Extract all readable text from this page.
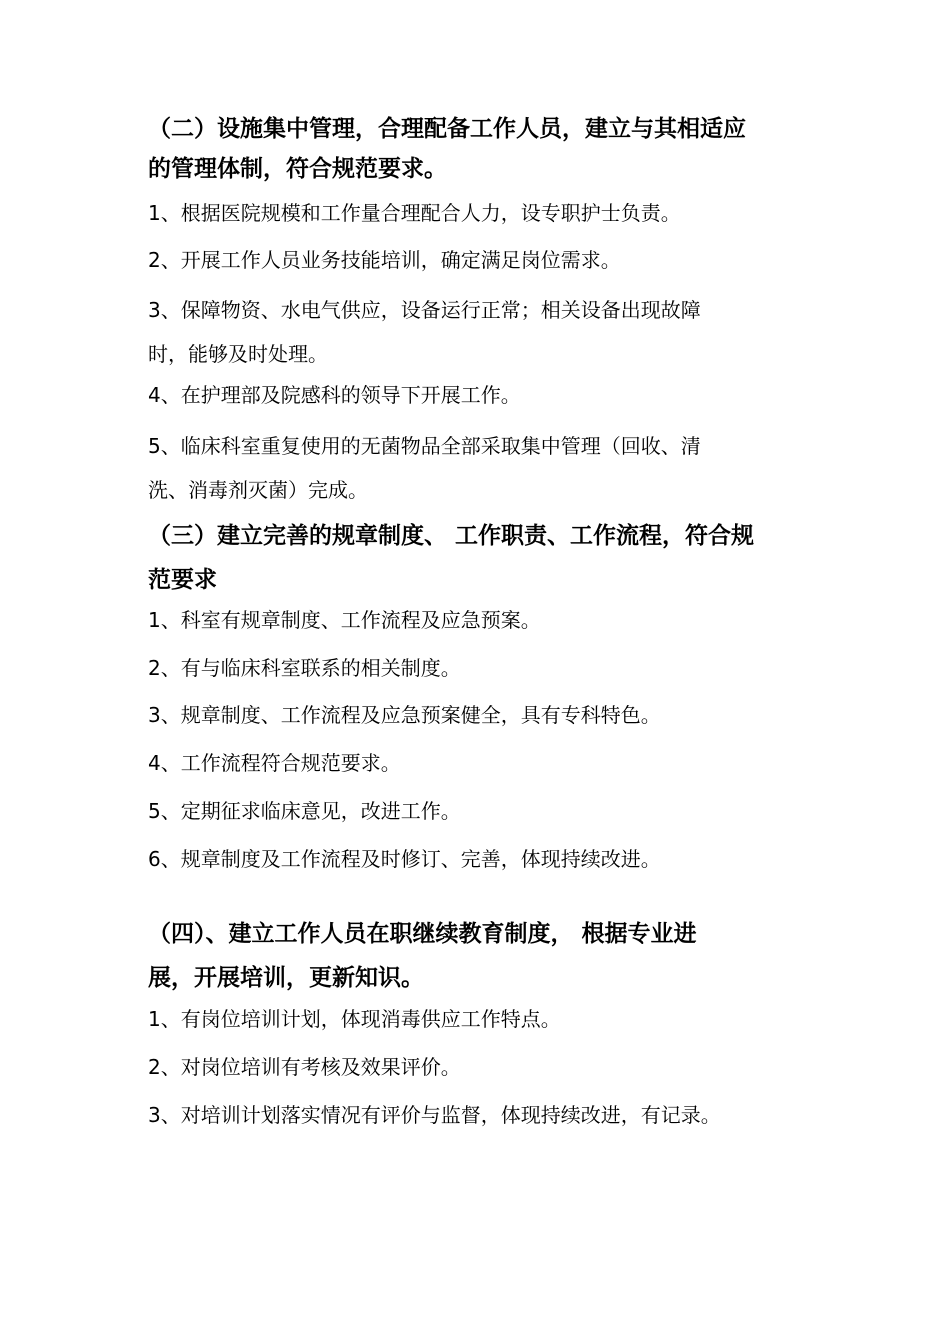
（二）设施集中管理，合理配备工作人员，建立与其相适应
的管理体制，符合规范要求。
1、根据医院规模和工作量合理配合人力，设专职护士负责。
2、开展工作人员业务技能培训，确定满足岗位需求。
3、保障物资、水电气供应，设备运行正常；相关设备出现故障
时，能够及时处理。
4、在护理部及院感科的领导下开展工作。
5、临床科室重复使用的无菌物品全部采取集中管理（回收、清
洗、消毒剂灭菌）完成。
（三）建立完善的规章制度、 工作职责、工作流程，符合规
范要求
1、科室有规章制度、工作流程及应急预案。
2、有与临床科室联系的相关制度。
3、规章制度、工作流程及应急预案健全，具有专科特色。
4、工作流程符合规范要求。
5、定期征求临床意见，改进工作。
6、规章制度及工作流程及时修订、完善，体现持续改进。
（四）、建立工作人员在职继续教育制度， 根据专业进
展，开展培训，更新知识。
1、有岗位培训计划，体现消毒供应工作特点。
2、对岗位培训有考核及效果评价。
3、对培训计划落实情况有评价与监督，体现持续改进，有记录。
